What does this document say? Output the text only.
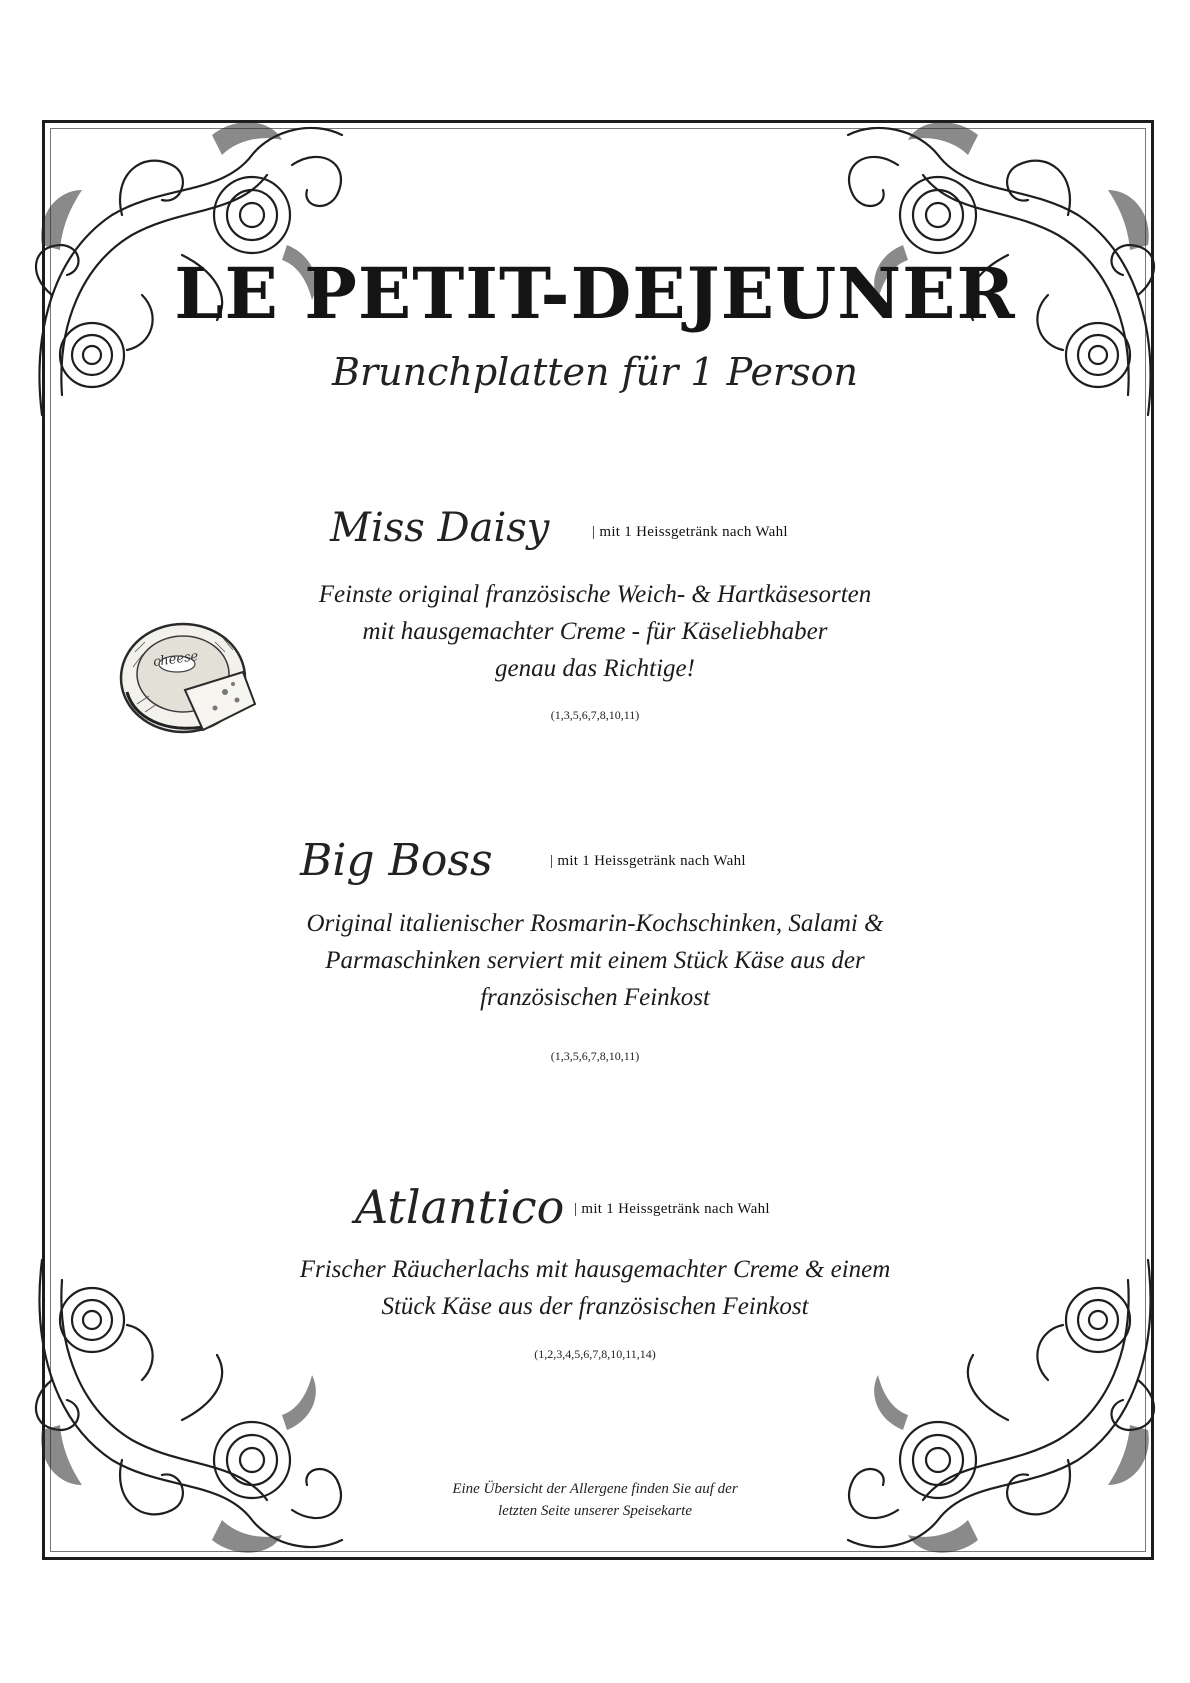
LE PETIT-DEJEUNER
Brunchplatten für 1 Person
cheese
Miss Daisy	| mit 1 Heissgetränk nach Wahl
Feinste original französische Weich- & Hartkäsesorten
mit hausgemachter Creme - für Käseliebhaber
genau das Richtige!
(1,3,5,6,7,8,10,11)
Big Boss	| mit 1 Heissgetränk nach Wahl
Original italienischer Rosmarin-Kochschinken, Salami &
Parmaschinken serviert mit einem Stück Käse aus der
französischen Feinkost
(1,3,5,6,7,8,10,11)
Atlantico | mit 1 Heissgetränk nach Wahl
Frischer Räucherlachs mit hausgemachter Creme & einem
Stück Käse aus der französischen Feinkost
(1,2,3,4,5,6,7,8,10,11,14)
Eine Übersicht der Allergene finden Sie auf der
letzten Seite unserer Speisekarte
